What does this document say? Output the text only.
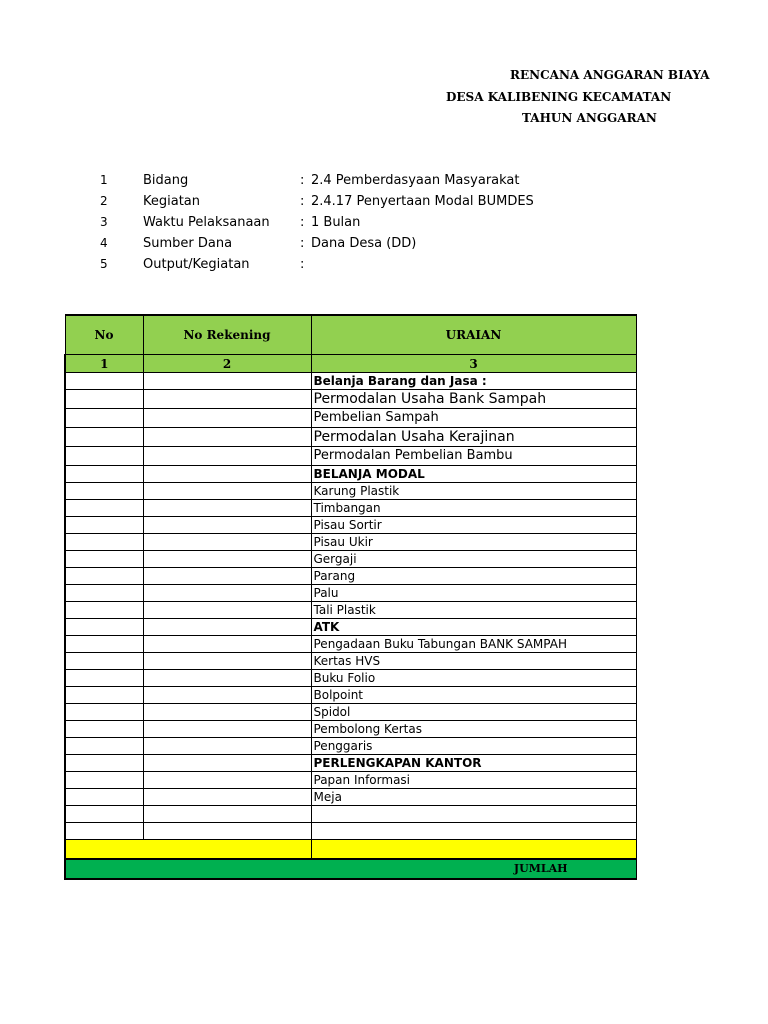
RENCANA ANGGARAN BIAYA
DESA KALIBENING KECAMATAN
TAHUN ANGGARAN
1	Bidang	: 2.4 Pemberdasyaan Masyarakat
2	Kegiatan	: 2.4.17 Penyertaan Modal BUMDES
3	Waktu Pelaksanaan : 1 Bulan
4	Sumber Dana	: Dana Desa (DD)
5	Output/Kegiatan	:
No	No Rekening	URAIAN
1	2	3
		Belanja Barang dan Jasa :
		Permodalan Usaha Bank Sampah
		Pembelian Sampah
		Permodalan Usaha Kerajinan
		Permodalan Pembelian Bambu
		BELANJA MODAL
		Karung Plastik
		Timbangan
		Pisau Sortir
		Pisau Ukir
		Gergaji
		Parang
		Palu
		Tali Plastik
		ATK
		Pengadaan Buku Tabungan BANK SAMPAH
		Kertas HVS
		Buku Folio
		Bolpoint
		Spidol
		Pembolong Kertas
		Penggaris
		PERLENGKAPAN KANTOR
		Papan Informasi
		Meja

JUMLAH		
